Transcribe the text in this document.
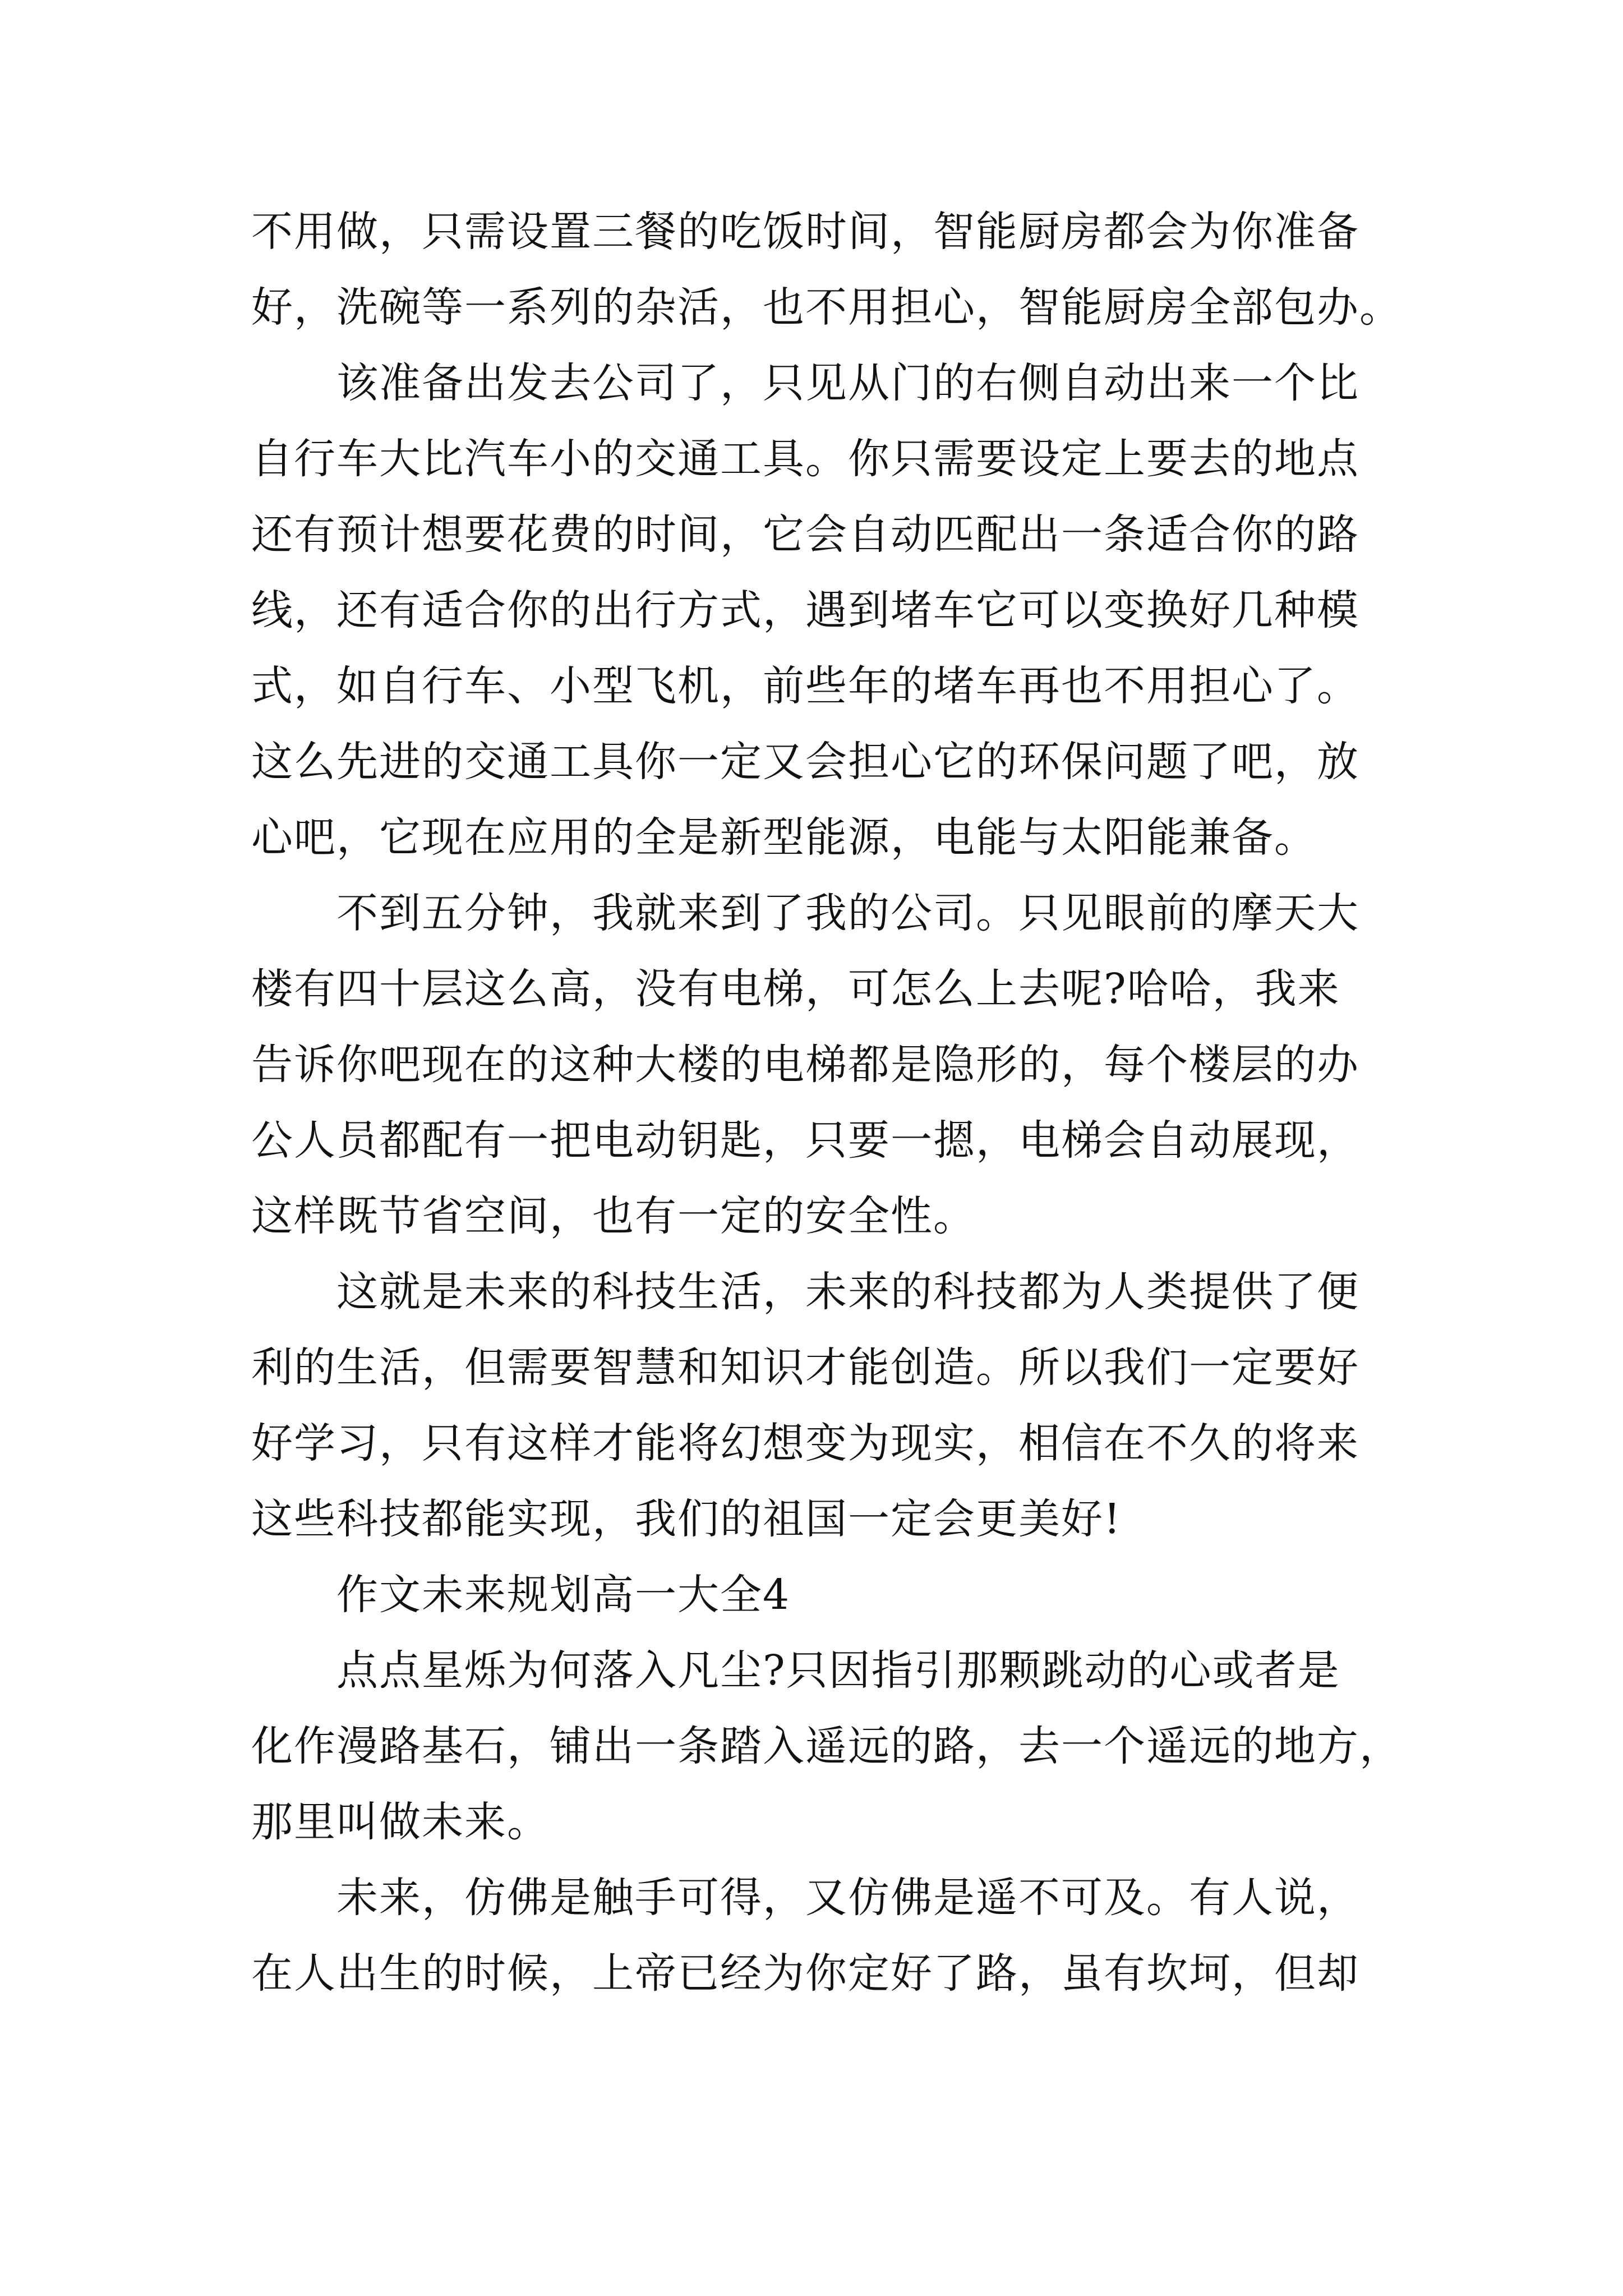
不用做，只需设置三餐的吃饭时间，智能厨房都会为你准备
好，洗碗等一系列的杂活，也不用担心，智能厨房全部包办。
该准备出发去公司了，只见从门的右侧自动出来一个比
自行车大比汽车小的交通工具。你只需要设定上要去的地点
还有预计想要花费的时间，它会自动匹配出一条适合你的路
线，还有适合你的出行方式，遇到堵车它可以变换好几种模
式，如自行车、小型飞机，前些年的堵车再也不用担心了。
这么先进的交通工具你一定又会担心它的环保问题了吧，放
心吧，它现在应用的全是新型能源，电能与太阳能兼备。
不到五分钟，我就来到了我的公司。只见眼前的摩天大
楼有四十层这么高，没有电梯，可怎么上去呢?哈哈，我来
告诉你吧现在的这种大楼的电梯都是隐形的，每个楼层的办
公人员都配有一把电动钥匙，只要一摁，电梯会自动展现，
这样既节省空间，也有一定的安全性。
这就是未来的科技生活，未来的科技都为人类提供了便
利的生活，但需要智慧和知识才能创造。所以我们一定要好
好学习，只有这样才能将幻想变为现实，相信在不久的将来
这些科技都能实现，我们的祖国一定会更美好!
作文未来规划高一大全4
点点星烁为何落入凡尘?只因指引那颗跳动的心或者是
化作漫路基石，铺出一条踏入遥远的路，去一个遥远的地方，
那里叫做未来。
未来，仿佛是触手可得，又仿佛是遥不可及。有人说，
在人出生的时候，上帝已经为你定好了路，虽有坎坷，但却
